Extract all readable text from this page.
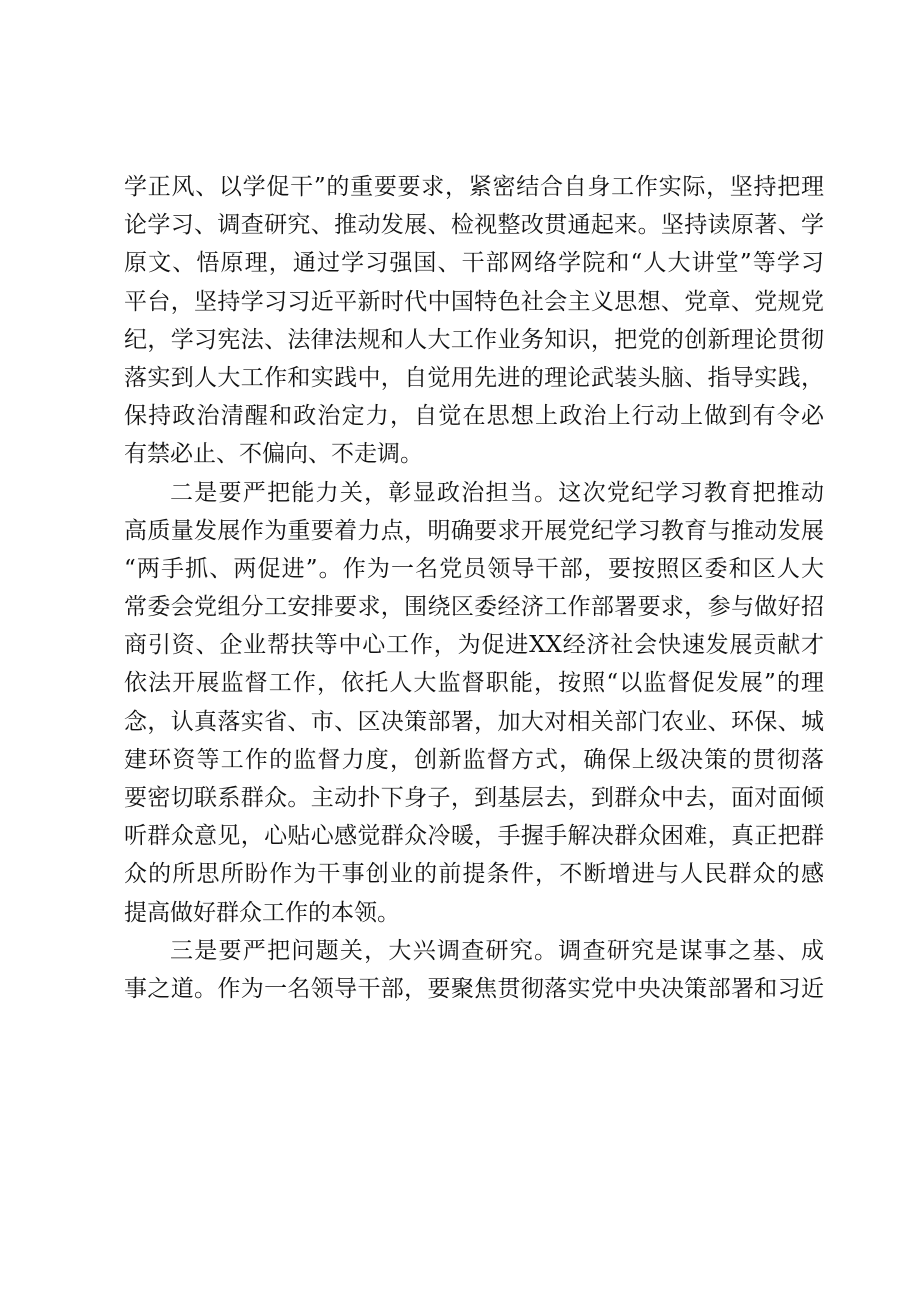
学正风、以学促干”的重要要求，紧密结合自身工作实际，坚持把理
论学习、调查研究、推动发展、检视整改贯通起来。坚持读原著、学
原文、悟原理，通过学习强国、干部网络学院和“人大讲堂”等学习
平台，坚持学习习近平新时代中国特色社会主义思想、党章、党规党
纪，学习宪法、法律法规和人大工作业务知识，把党的创新理论贯彻
落实到人大工作和实践中，自觉用先进的理论武装头脑、指导实践，
保持政治清醒和政治定力，自觉在思想上政治上行动上做到有令必
有禁必止、不偏向、不走调。
二是要严把能力关，彰显政治担当。这次党纪学习教育把推动
高质量发展作为重要着力点，明确要求开展党纪学习教育与推动发展
“两手抓、两促进”。作为一名党员领导干部，要按照区委和区人大
常委会党组分工安排要求，围绕区委经济工作部署要求，参与做好招
商引资、企业帮扶等中心工作，为促进XX经济社会快速发展贡献才
依法开展监督工作，依托人大监督职能，按照“以监督促发展”的理
念，认真落实省、市、区决策部署，加大对相关部门农业、环保、城
建环资等工作的监督力度，创新监督方式，确保上级决策的贯彻落
要密切联系群众。主动扑下身子，到基层去，到群众中去，面对面倾
听群众意见，心贴心感觉群众冷暖，手握手解决群众困难，真正把群
众的所思所盼作为干事创业的前提条件，不断增进与人民群众的感
提高做好群众工作的本领。
三是要严把问题关，大兴调查研究。调查研究是谋事之基、成
事之道。作为一名领导干部，要聚焦贯彻落实党中央决策部署和习近
